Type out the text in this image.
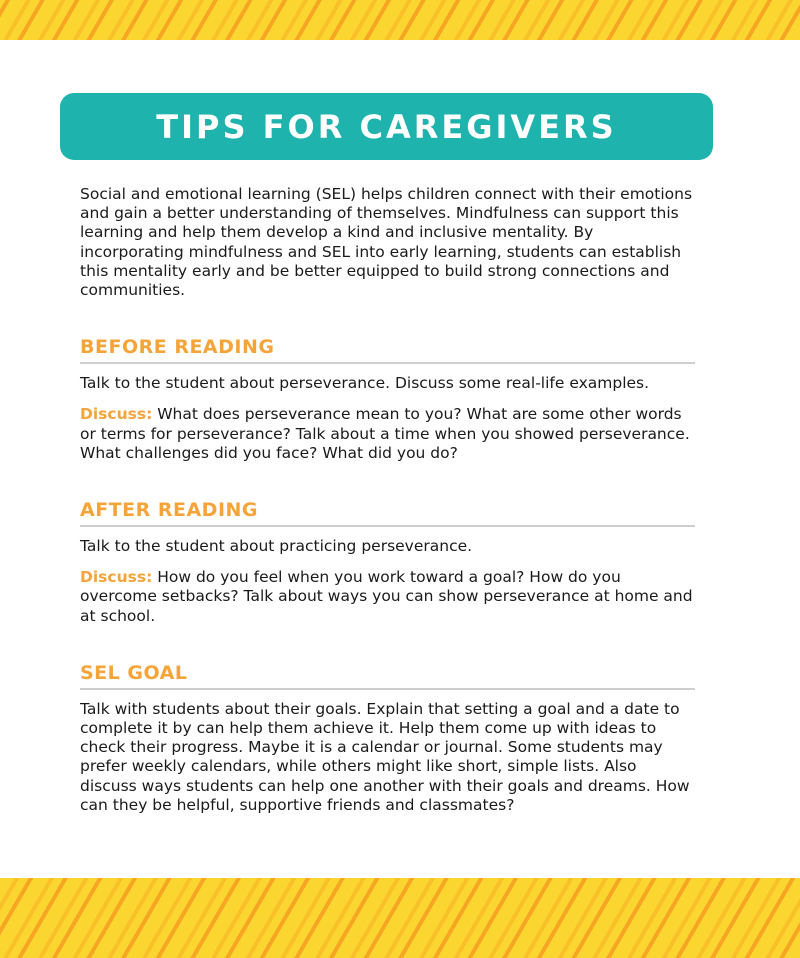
TIPS FOR CAREGIVERS

Social and emotional learning (SEL) helps children connect with their emotions and gain a better understanding of themselves. Mindfulness can support this learning and help them develop a kind and inclusive mentality. By incorporating mindfulness and SEL into early learning, students can establish this mentality early and be better equipped to build strong connections and communities.

BEFORE READING

Talk to the student about perseverance. Discuss some real-life examples.

Discuss: What does perseverance mean to you? What are some other words or terms for perseverance? Talk about a time when you showed perseverance. What challenges did you face? What did you do?

AFTER READING

Talk to the student about practicing perseverance.

Discuss: How do you feel when you work toward a goal? How do you overcome setbacks? Talk about ways you can show perseverance at home and at school.

SEL GOAL

Talk with students about their goals. Explain that setting a goal and a date to complete it by can help them achieve it. Help them come up with ideas to check their progress. Maybe it is a calendar or journal. Some students may prefer weekly calendars, while others might like short, simple lists. Also discuss ways students can help one another with their goals and dreams. How can they be helpful, supportive friends and classmates?
